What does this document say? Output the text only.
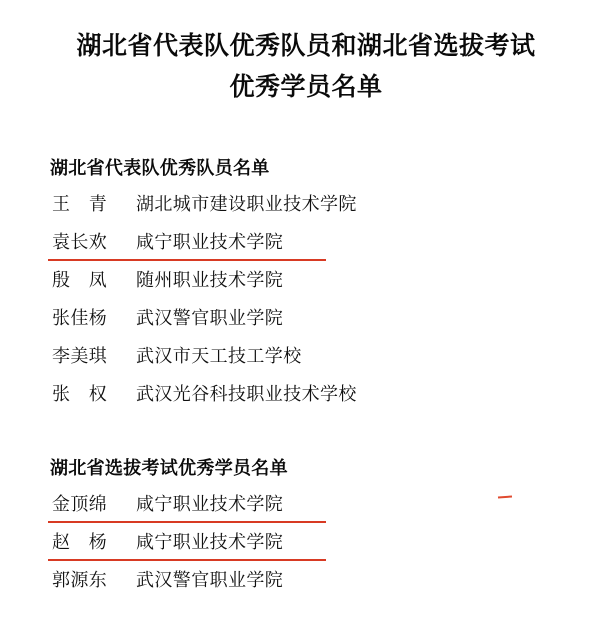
湖北省代表队优秀队员和湖北省选拔考试
优秀学员名单
湖北省代表队优秀队员名单
王　青	湖北城市建设职业技术学院
袁长欢	咸宁职业技术学院
殷　凤	随州职业技术学院
张佳杨	武汉警官职业学院
李美琪	武汉市天工技工学校
张　权	武汉光谷科技职业技术学校
湖北省选拔考试优秀学员名单
金顶绵	咸宁职业技术学院
赵　杨	咸宁职业技术学院
郭源东	武汉警官职业学院
